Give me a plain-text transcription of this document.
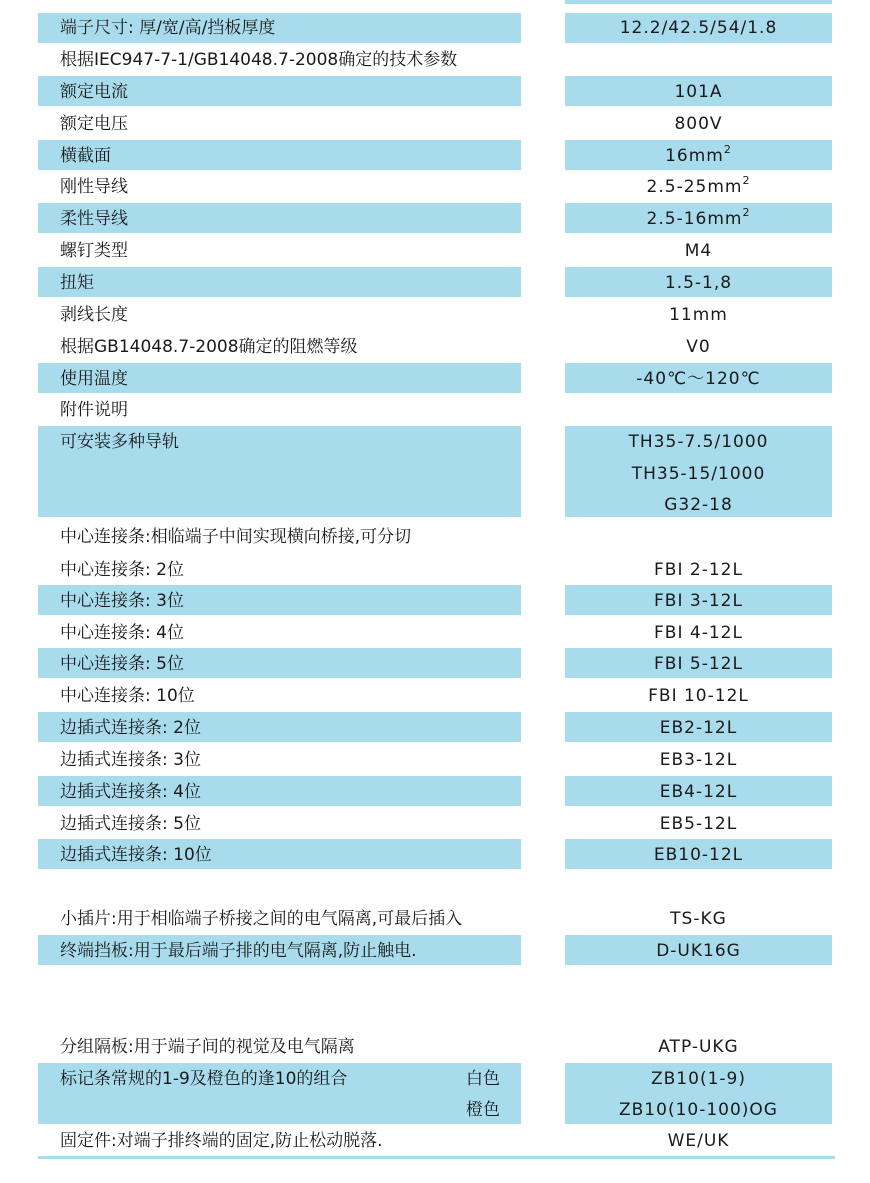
端子尺寸: 厚/宽/高/挡板厚度	12.2/42.5/54/1.8
根据IEC947-7-1/GB14048.7-2008确定的技术参数
额定电流	101A
额定电压	800V
横截面	$16mm^2$
刚性导线	$2.5-25mm^2$
柔性导线	$2.5-16mm^2$
螺钉类型	M4
扭矩	1.5-1,8
剥线长度	11mm
根据GB14048.7-2008确定的阻燃等级	V0
使用温度	-40℃～120℃
附件说明
可安装多种导轨	TH35-7.5/1000
TH35-15/1000
G32-18
中心连接条:相临端子中间实现横向桥接,可分切
中心连接条: 2位	FBI 2-12L
中心连接条: 3位	FBI 3-12L
中心连接条: 4位	FBI 4-12L
中心连接条: 5位	FBI 5-12L
中心连接条: 10位	FBI 10-12L
边插式连接条: 2位	EB2-12L
边插式连接条: 3位	EB3-12L
边插式连接条: 4位	EB4-12L
边插式连接条: 5位	EB5-12L
边插式连接条: 10位	EB10-12L
小插片:用于相临端子桥接之间的电气隔离,可最后插入	TS-KG
终端挡板:用于最后端子排的电气隔离,防止触电.	D-UK16G
分组隔板:用于端子间的视觉及电气隔离	ATP-UKG
标记条常规的1-9及橙色的逢10的组合	白色	ZB10(1-9)
橙色	ZB10(10-100)OG
固定件:对端子排终端的固定,防止松动脱落.	WE/UK
